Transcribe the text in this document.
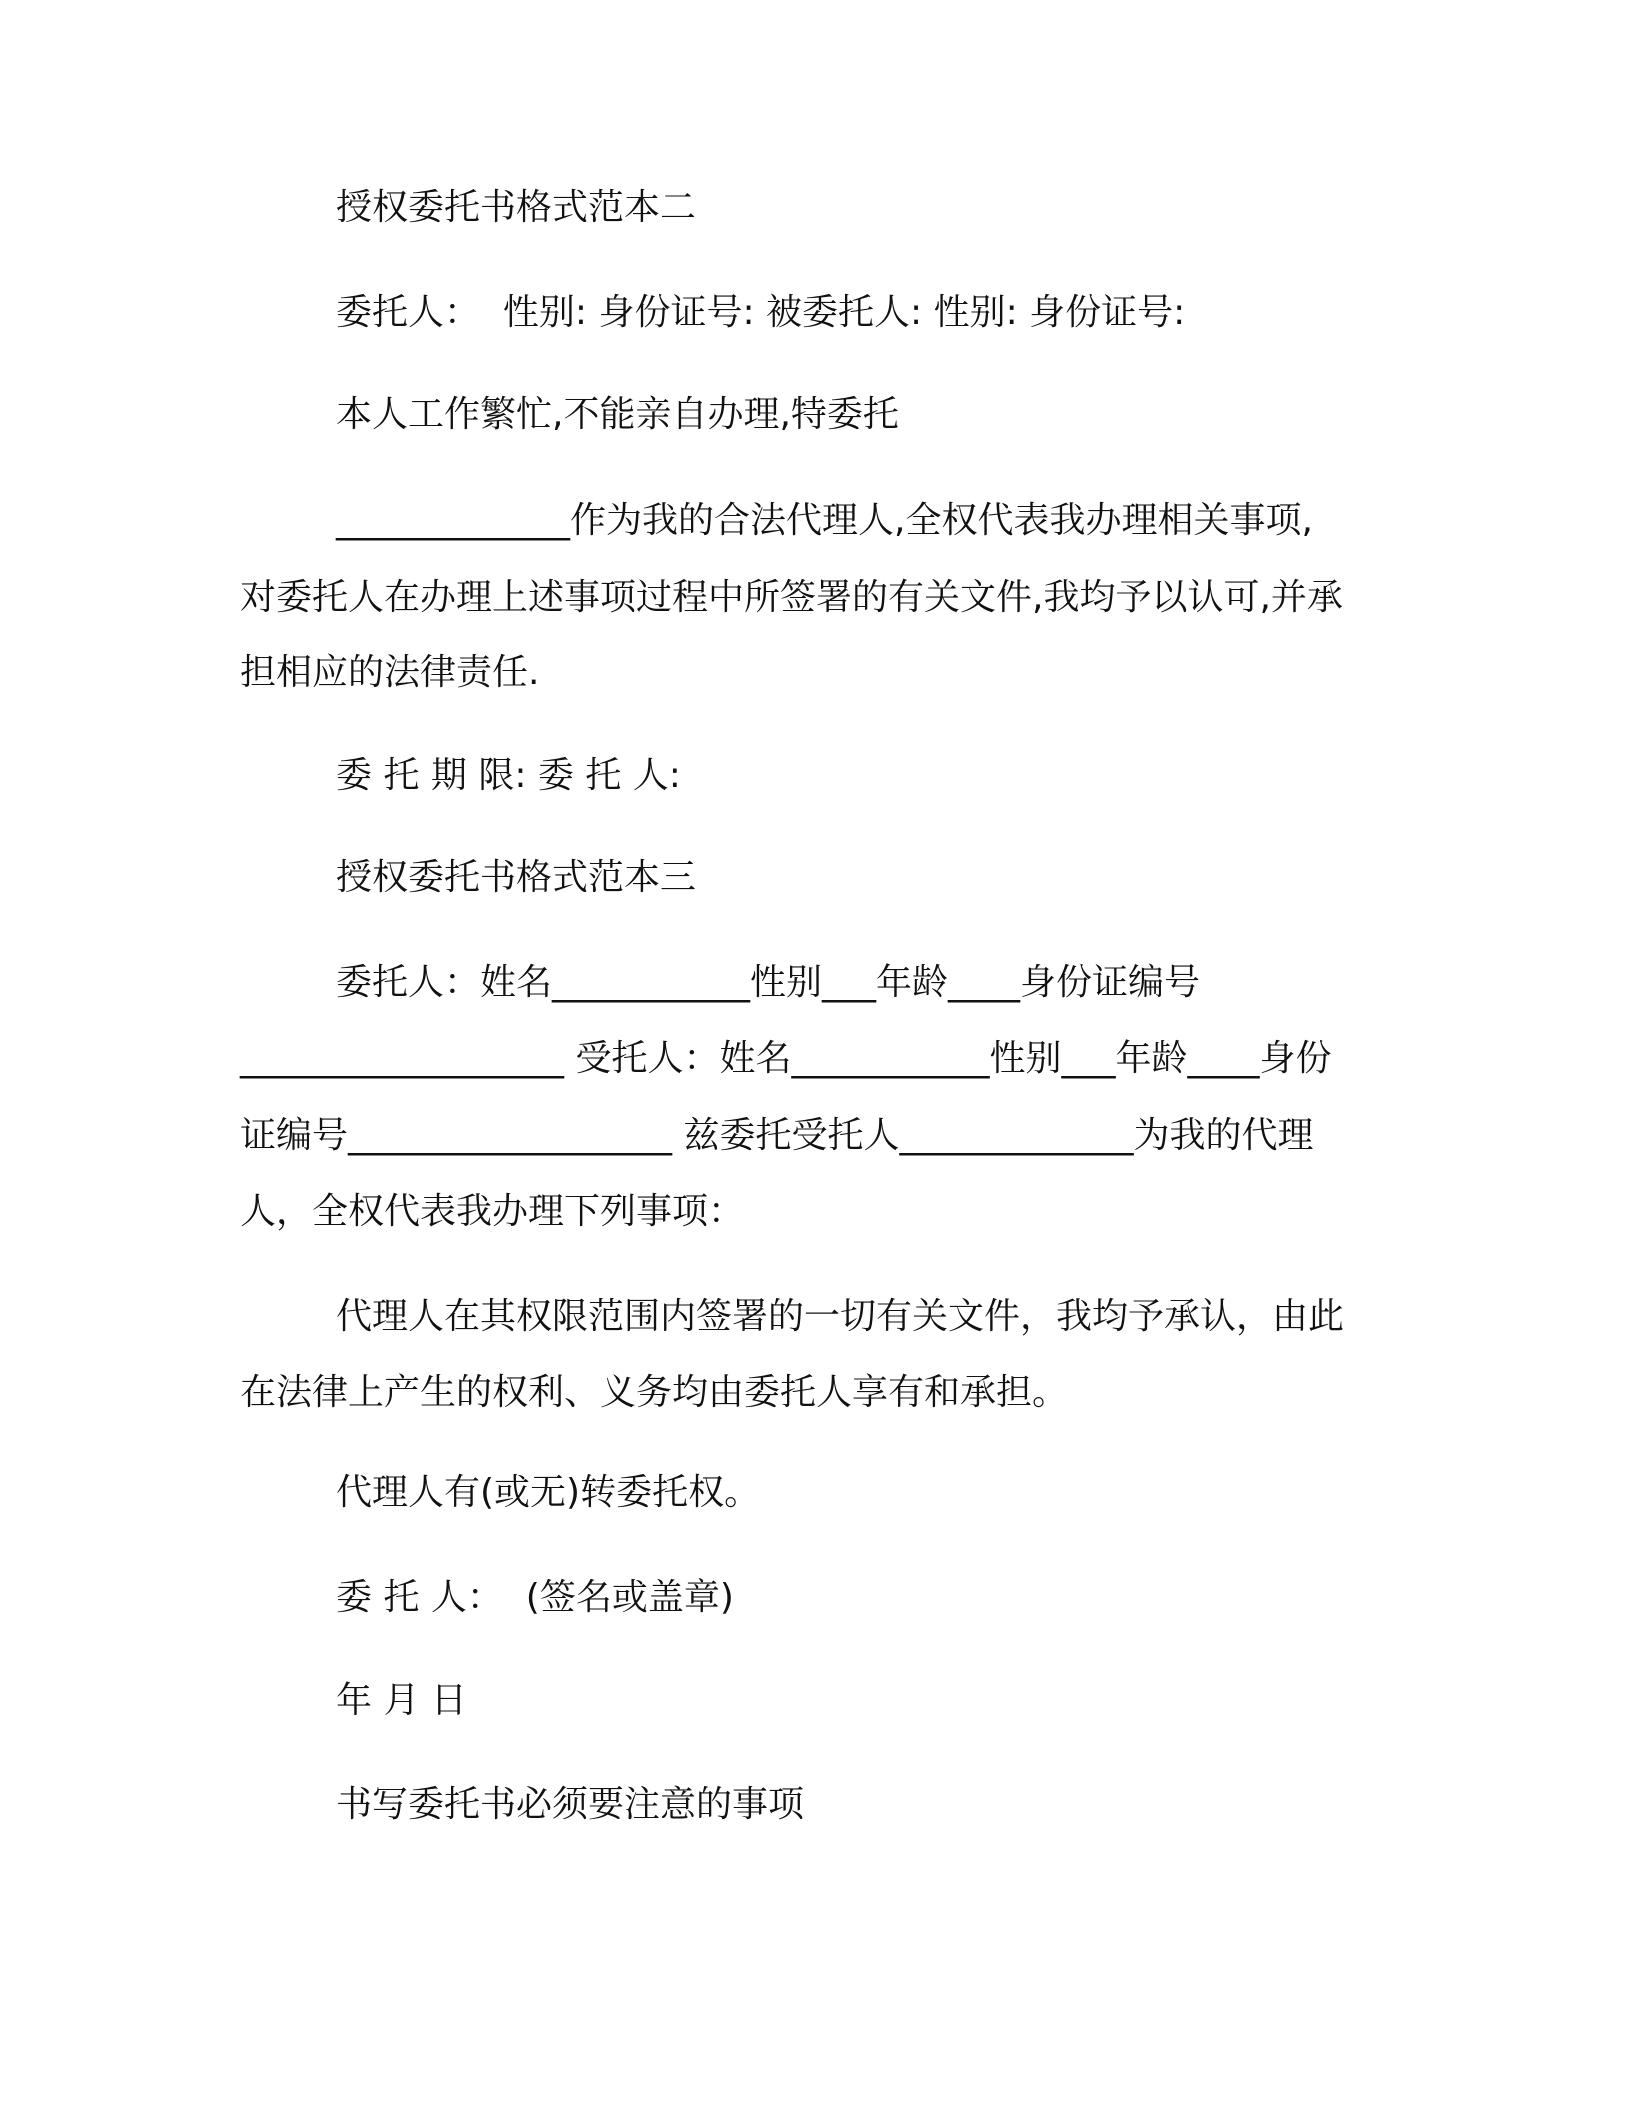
授权委托书格式范本二
委托人：  性别: 身份证号: 被委托人: 性别: 身份证号:
本人工作繁忙,不能亲自办理,特委托
_____________作为我的合法代理人,全权代表我办理相关事项,
对委托人在办理上述事项过程中所签署的有关文件,我均予以认可,并承
担相应的法律责任.
委 托 期 限: 委 托 人:
授权委托书格式范本三
委托人：姓名___________性别___年龄____身份证编号
__________________ 受托人：姓名___________性别___年龄____身份
证编号__________________ 兹委托受托人_____________为我的代理
人，全权代表我办理下列事项：
代理人在其权限范围内签署的一切有关文件，我均予承认，由此
在法律上产生的权利、义务均由委托人享有和承担。
代理人有(或无)转委托权。
委 托 人：  (签名或盖章)
年 月 日
书写委托书必须要注意的事项
